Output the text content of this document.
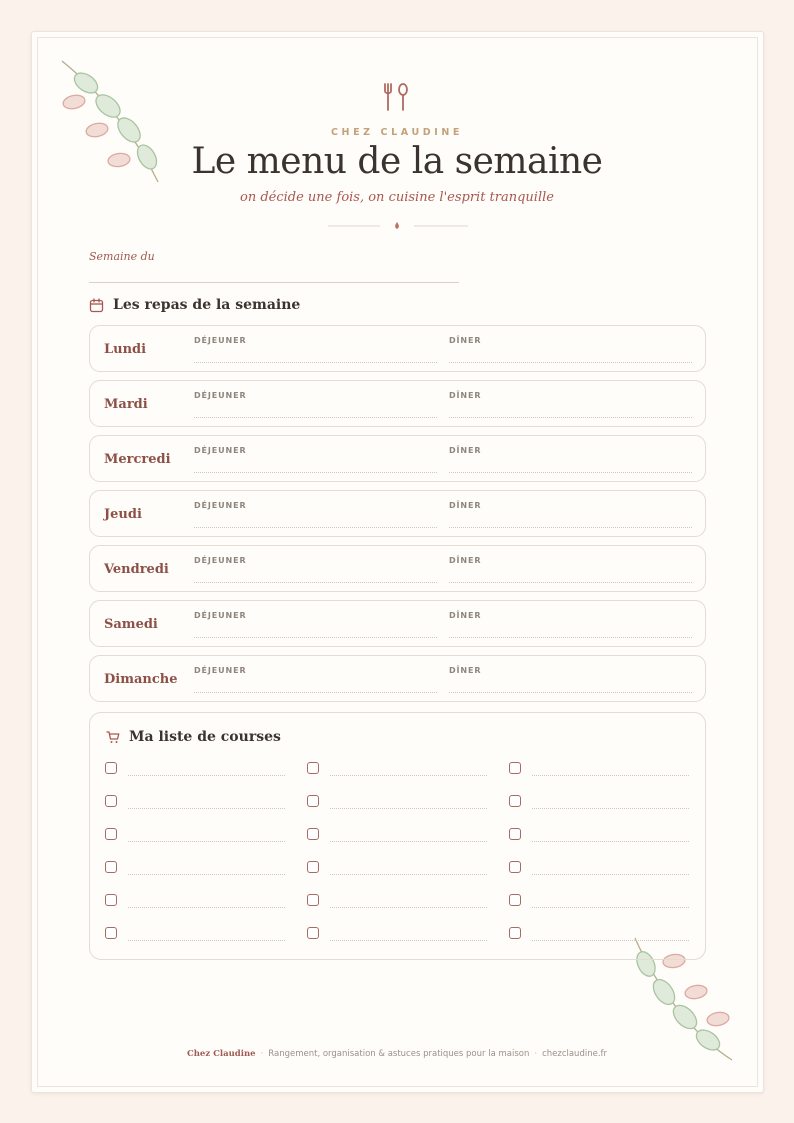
CHEZ CLAUDINE
Le menu de la semaine
on décide une fois, on cuisine l'esprit tranquille
Semaine du
Les repas de la semaine
Lundi
DÉJEUNER	DÎNER
Mardi
DÉJEUNER	DÎNER
Mercredi
DÉJEUNER	DÎNER
Jeudi
DÉJEUNER	DÎNER
Vendredi
DÉJEUNER	DÎNER
Samedi
DÉJEUNER	DÎNER
Dimanche
DÉJEUNER	DÎNER
Ma liste de courses
Chez Claudine · Rangement, organisation & astuces pratiques pour la maison · chezclaudine.fr
